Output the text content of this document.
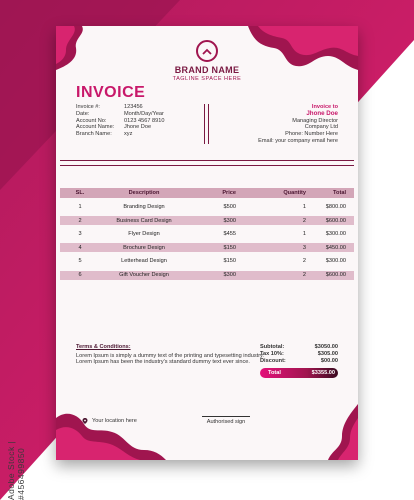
Adobe Stock | #456499850
BRAND NAME
TAGLINE SPACE HERE
INVOICE
Invoice #:	123456
Date:	Month/Day/Year
Account No:	0123 4567 8910
Account Name:	Jhone Doe
Branch Name:	xyz
Invoice to
Jhone Doe
Managing Director
Company Ltd
Phone: Number Here
Email: your company email here
SL.	Description	Price	Quantity	Total
1	Branding Design	$500	1	$800.00
2	Business Card Design	$300	2	$600.00
3	Flyer Design	$455	1	$300.00
4	Brochure Design	$150	3	$450.00
5	Letterhead Design	$150	2	$300.00
6	Gift Voucher Design	$300	2	$600.00
Terms & Conditions:
Lorem Ipsum is simply a dummy text of the printing and typesetting industry. Lorem Ipsum has been the industry's standard dummy text ever since.
Subtotal:	$3050.00
Tax 10%:	$305.00
Discount:	$00.00
Total	$3355.00
Your location here	Authorised sign
